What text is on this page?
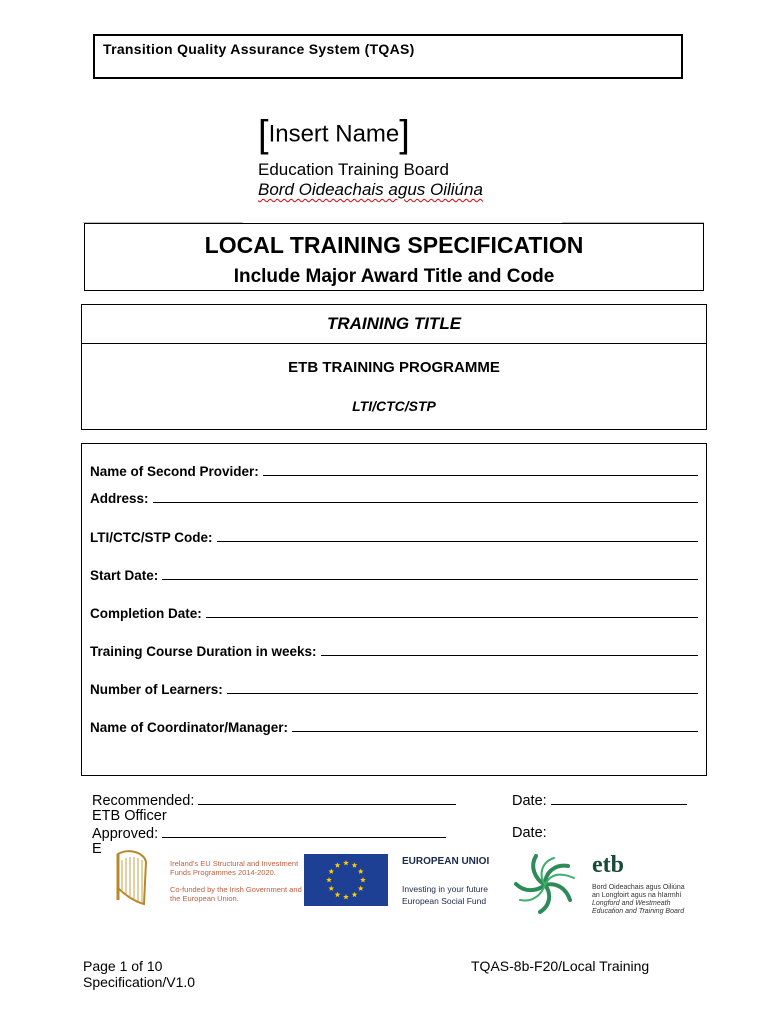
Transition Quality Assurance System (TQAS)
[Insert Name]
Education Training Board
Bord Oideachais agus Oiliúna
LOCAL TRAINING SPECIFICATION
Include Major Award Title and Code
TRAINING TITLE
ETB TRAINING PROGRAMME
LTI/CTC/STP
Name of Second Provider:
Address:
LTI/CTC/STP Code:
Start Date:
Completion Date:
Training Course Duration in weeks:
Number of Learners:
Name of Coordinator/Manager:
Recommended:	Date:
ETB Officer
Approved:	Date:
E
Ireland's EU Structural and Investment Funds Programmes 2014-2020.
Co-funded by the Irish Government and the European Union.
EUROPEAN UNIOI
Investing in your future
European Social Fund
etb
Bord Oideachais agus Oiliúna
an Longfoirt agus na hIarmhí
Longford and Westmeath
Education and Training Board
Page 1 of 10	TQAS-8b-F20/Local Training
Specification/V1.0
